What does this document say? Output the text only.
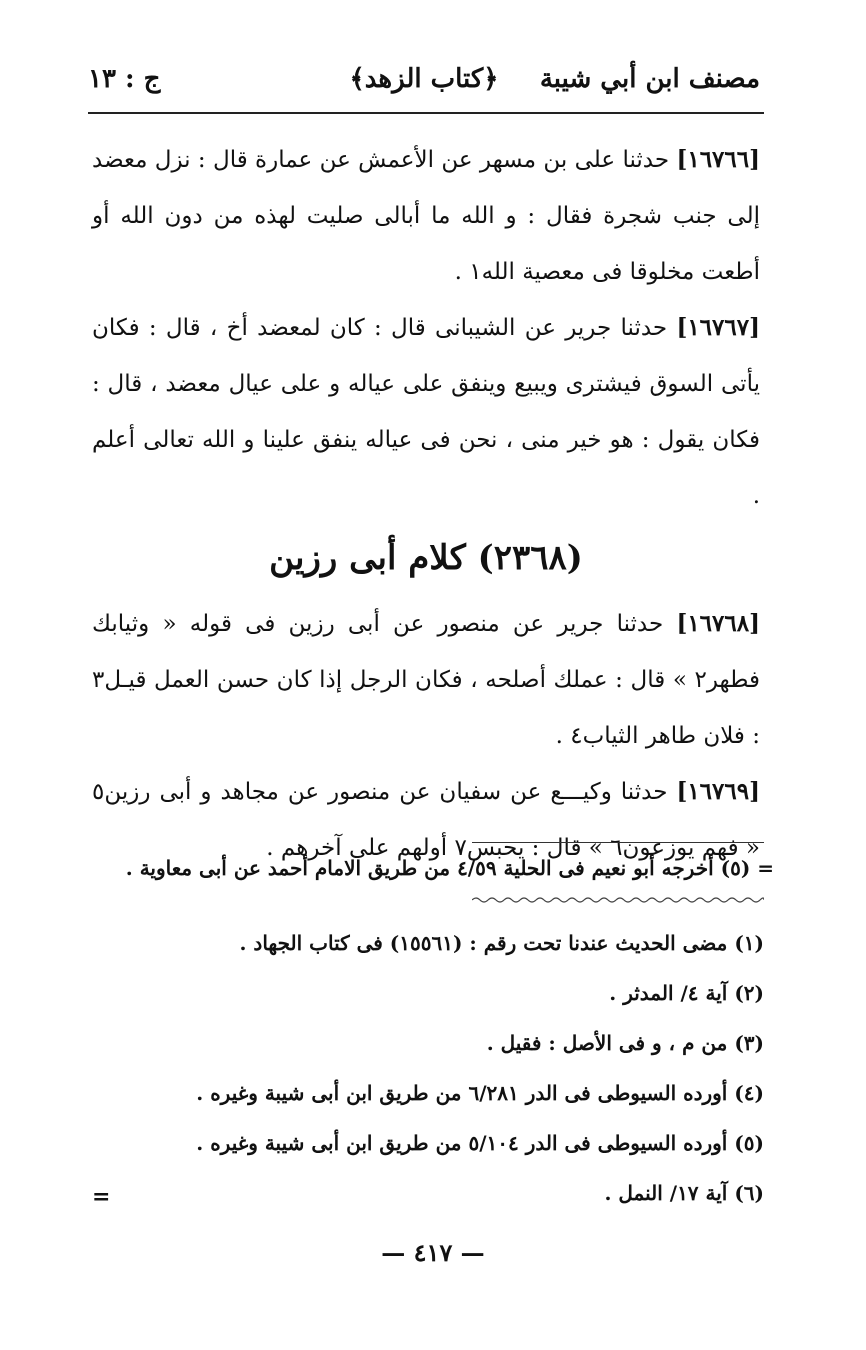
مصنف ابن أبي شيبة
﴿كتاب الزهد﴾
ج : ١٣

[١٦٧٦٦] حدثنا على بن مسهر عن الأعمش عن عمارة قال : نزل معضد إلى جنب شجرة فقال : و الله ما أبالى صليت لهذه من دون الله أو أطعت مخلوقا فى معصية الله١ .

[١٦٧٦٧] حدثنا جرير عن الشيبانى قال : كان لمعضد أخ ، قال : فكان يأتى السوق فيشترى ويبيع وينفق على عياله و على عيال معضد ، قال : فكان يقول : هو خير منى ، نحن فى عياله ينفق علينا و الله تعالى أعلم .

(٢٣٦٨) كلام أبى رزين

[١٦٧٦٨] حدثنا جرير عن منصور عن أبى رزين فى قوله « وثيابك فطهر٢ » قال : عملك أصلحه ، فكان الرجل إذا كان حسن العمل قيـل٣ : فلان طاهر الثياب٤ .

[١٦٧٦٩] حدثنا وكيـــع عن سفيان عن منصور عن مجاهد و أبى رزين٥ « فهم يوزعون٦ » قال : يحبس٧ أولهم على آخرهم .

= (٥) أخرجه أبو نعيم فى الحلية ٤/٥٩ من طريق الامام أحمد عن أبى معاوية .

(١) مضى الحديث عندنا تحت رقم : (١٥٥٦١) فى كتاب الجهاد .

(٢) آية ٤/ المدثر .

(٣) من م ، و فى الأصل : فقيل .

(٤) أورده السيوطى فى الدر ٦/٢٨١ من طريق ابن أبى شيبة وغيره .

(٥) أورده السيوطى فى الدر ٥/١٠٤ من طريق ابن أبى شيبة وغيره .

(٦) آية ١٧/ النمل .

=
— ٤١٧ —
